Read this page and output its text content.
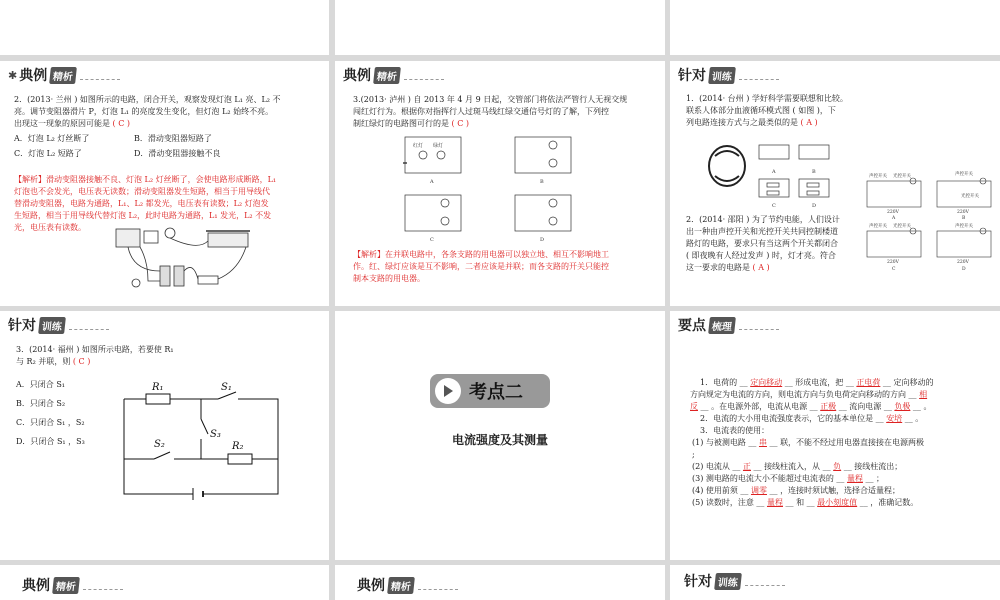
✱ 典例 精析
2．(2013· 兰州 ) 如图所示的电路，闭合开关，观察发现灯泡 L₁ 亮、L₂ 不
亮。调节变阻器滑片 P，灯泡 L₁ 的亮度发生变化，但灯泡 L₂ 始终不亮。
出现这一现象的原因可能是 ( C )
A．灯泡 L₂ 灯丝断了	B．滑动变阻器短路了
C．灯泡 L₂ 短路了	D．滑动变阻器接触不良
【解析】滑动变阻器接触不良、灯泡 L₂ 灯丝断了，会使电路形成断路，L₁
灯泡也不会发光，电压表无读数；滑动变阻器发生短路，相当于用导线代
替滑动变阻器，电路为通路，L₁、L₂ 都发光，电压表有读数；L₂ 灯泡发
生短路，相当于用导线代替灯泡 L₂，此时电路为通路，L₁ 发光，L₂ 不发
光，电压表有读数。
典例 精析
3.(2013· 泸州 ) 自 2013 年 4 月 9 日起，交管部门将依法严管行人无视交规
闯红灯行为。根据你对指挥行人过斑马线红绿交通信号灯的了解，下列控
制红绿灯的电路图可行的是 ( C )
红灯 绿灯
A	B
C	D
【解析】在并联电路中，各条支路的用电器可以独立地、相互不影响地工
作。红、绿灯应该是互不影响，二者应该是并联；而各支路的开关只能控
制本支路的用电器。
针对 训练
1．(2014· 台州 ) 学好科学需要联想和比较。
联系人体部分血液循环模式图 ( 如图 )，下
列电路连接方式与之最类似的是 ( A )
A	B
C	D
2．(2014· 邵阳 ) 为了节约电能，人们设计
出一种由声控开关和光控开关共同控制楼道
路灯的电路，要求只有当这两个开关都闭合
( 即夜晚有人经过发声 ) 时，灯才亮。符合
这一要求的电路是 ( A )
声控开关 光控开关	声控开关
光控开关
声控开关 光控开关	声控开关
220V	220V
220V	220V
A	B
C	D
针对 训练
3．(2014· 福州 ) 如图所示电路，若要使 R₁
与 R₂ 并联，则 ( C )
A．只闭合 S₁
B．只闭合 S₂
C．只闭合 S₁ ，S₂
D．只闭合 S₁ ，S₃
R₁	S₁
S₃
S₂	R₂
考点二
电流强度及其测量
要点 梳理
1．电荷的 __ 定向移动 __ 形成电流，把 __ 正电荷 __ 定向移动的
方向规定为电流的方向，则电流方向与负电荷定向移动的方向 __ 相
反 __ 。在电源外部，电流从电源 __ 正极 __ 流向电源 __ 负极 __ 。
2．电流的大小用电流强度表示，它的基本单位是 __ 安培 __ 。
3．电流表的使用：
(1) 与被测电路 __ 串 __ 联，不能不经过用电器直接接在电源两极
;
(2) 电流从 __ 正 __ 接线柱流入，从 __ 负 __ 接线柱流出；
(3) 测电路的电流大小不能超过电流表的 __ 量程 __ ；
(4) 使用前须 __ 调零 __ ，连接时须试触，选择合适量程；
(5) 读数时，注意 __ 量程 __ 和 __ 最小刻度值 __ ，准确记数。
典例 精析	典例 精析	针对 训练
